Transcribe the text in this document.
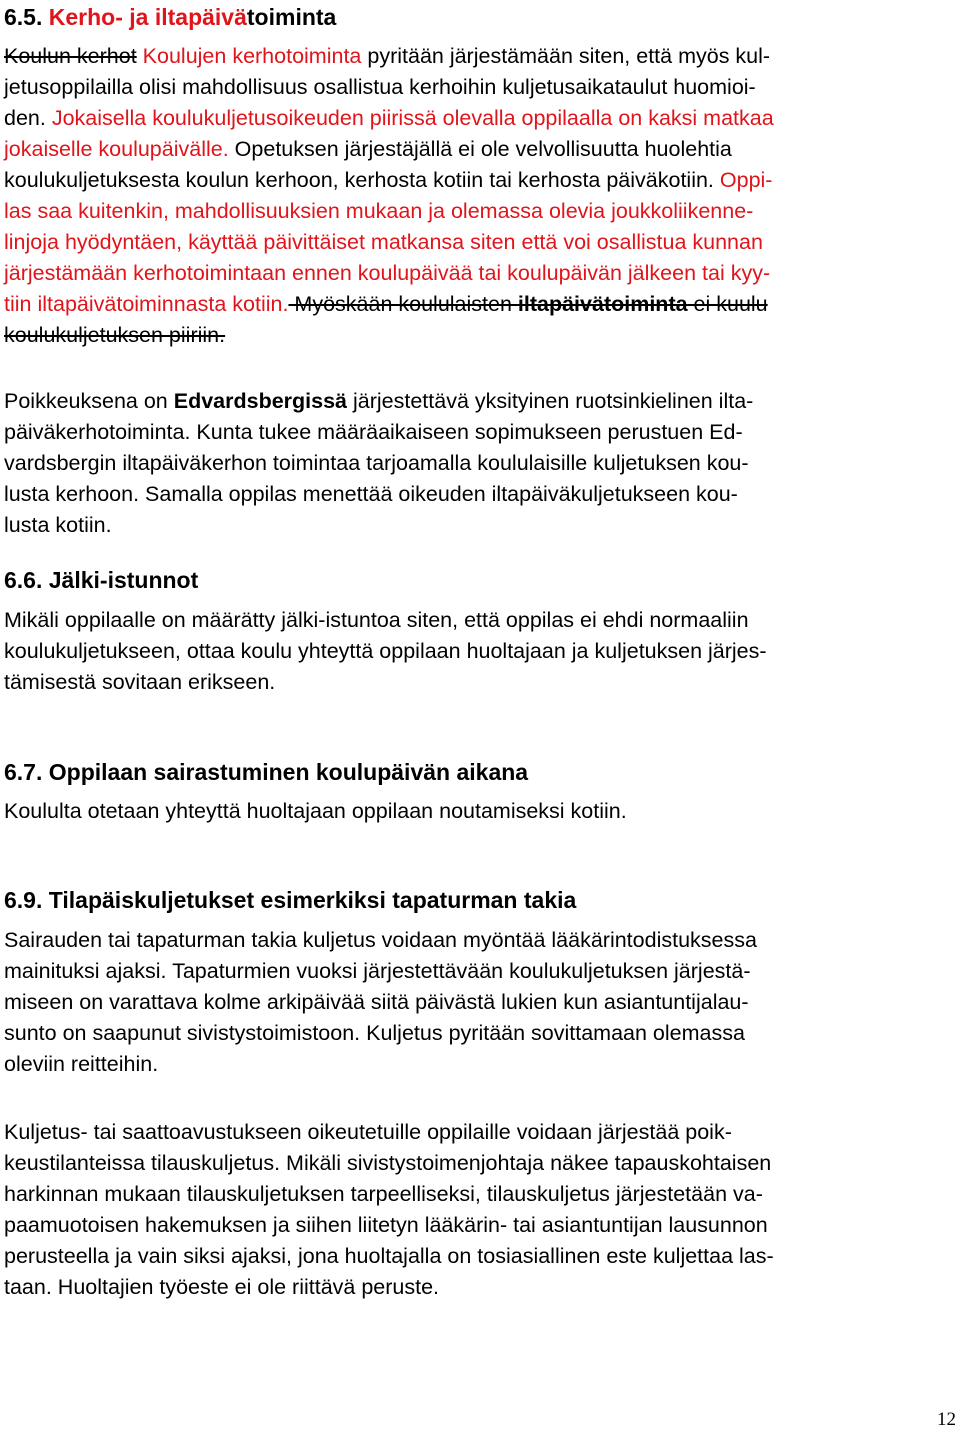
6.5. Kerho- ja iltapäivätoiminta
Koulun kerhot Koulujen kerhotoiminta pyritään järjestämään siten, että myös kul-
jetusoppilailla olisi mahdollisuus osallistua kerhoihin kuljetusaikataulut huomioi-
den. Jokaisella koulukuljetusoikeuden piirissä olevalla oppilaalla on kaksi matkaa
jokaiselle koulupäivälle. Opetuksen järjestäjällä ei ole velvollisuutta huolehtia
koulukuljetuksesta koulun kerhoon, kerhosta kotiin tai kerhosta päiväkotiin. Oppi-
las saa kuitenkin, mahdollisuuksien mukaan ja olemassa olevia joukkoliikenne-
linjoja hyödyntäen, käyttää päivittäiset matkansa siten että voi osallistua kunnan
järjestämään kerhotoimintaan ennen koulupäivää tai koulupäivän jälkeen tai kyy-
tiin iltapäivätoiminnasta kotiin. Myöskään koululaisten iltapäivätoiminta ei kuulu
koulukuljetuksen piiriin.
Poikkeuksena on Edvardsbergissä järjestettävä yksityinen ruotsinkielinen ilta-
päiväkerhotoiminta. Kunta tukee määräaikaiseen sopimukseen perustuen Ed-
vardsbergin iltapäiväkerhon toimintaa tarjoamalla koululaisille kuljetuksen kou-
lusta kerhoon. Samalla oppilas menettää oikeuden iltapäiväkuljetukseen kou-
lusta kotiin.
6.6. Jälki-istunnot
Mikäli oppilaalle on määrätty jälki-istuntoa siten, että oppilas ei ehdi normaaliin
koulukuljetukseen, ottaa koulu yhteyttä oppilaan huoltajaan ja kuljetuksen järjes-
tämisestä sovitaan erikseen.
6.7. Oppilaan sairastuminen koulupäivän aikana
Koululta otetaan yhteyttä huoltajaan oppilaan noutamiseksi kotiin.
6.9. Tilapäiskuljetukset esimerkiksi tapaturman takia
Sairauden tai tapaturman takia kuljetus voidaan myöntää lääkärintodistuksessa
mainituksi ajaksi. Tapaturmien vuoksi järjestettävään koulukuljetuksen järjestä-
miseen on varattava kolme arkipäivää siitä päivästä lukien kun asiantuntijalau-
sunto on saapunut sivistystoimistoon. Kuljetus pyritään sovittamaan olemassa
oleviin reitteihin.
Kuljetus- tai saattoavustukseen oikeutetuille oppilaille voidaan järjestää poik-
keustilanteissa tilauskuljetus. Mikäli sivistystoimenjohtaja näkee tapauskohtaisen
harkinnan mukaan tilauskuljetuksen tarpeelliseksi, tilauskuljetus järjestetään va-
paamuotoisen hakemuksen ja siihen liitetyn lääkärin- tai asiantuntijan lausunnon
perusteella ja vain siksi ajaksi, jona huoltajalla on tosiasiallinen este kuljettaa las-
taan. Huoltajien työeste ei ole riittävä peruste.
12
